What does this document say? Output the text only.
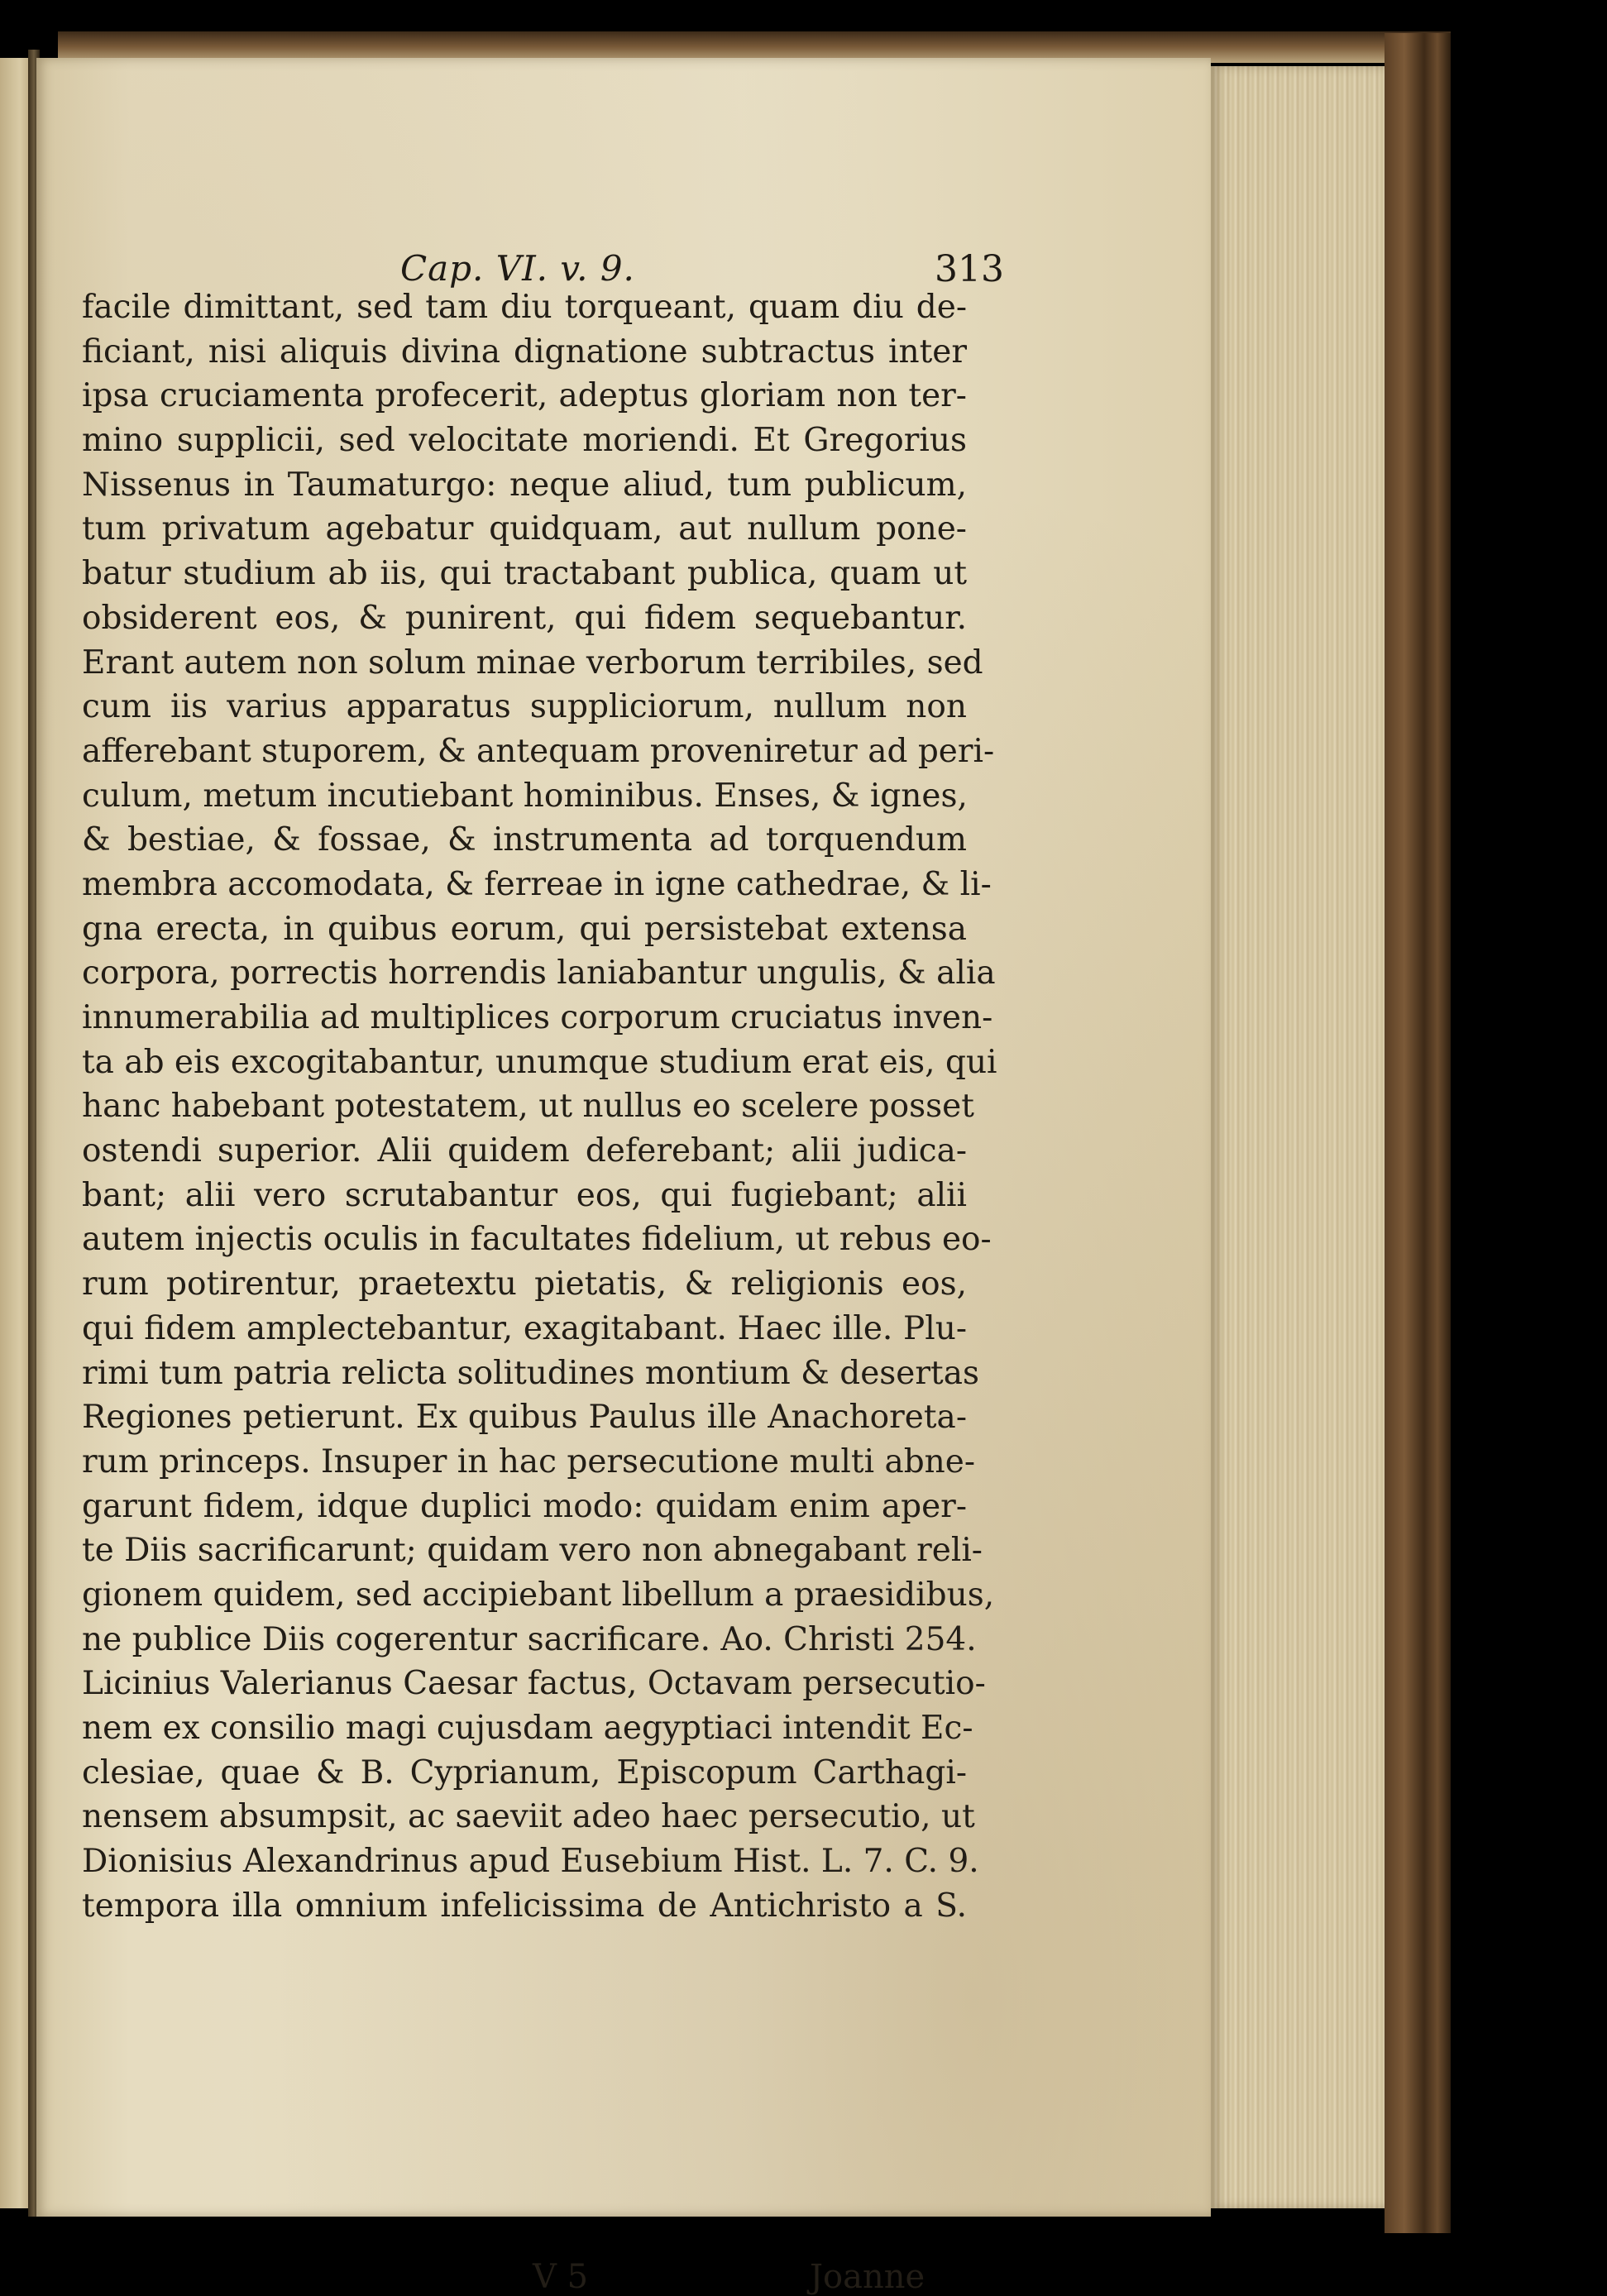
Cap. VI. v. 9.	313
facile dimittant, sed tam diu torqueant, quam diu de-
ficiant, nisi aliquis divina dignatione subtractus inter
ipsa cruciamenta profecerit, adeptus gloriam non ter-
mino supplicii, sed velocitate moriendi. Et Gregorius
Nissenus in Taumaturgo: neque aliud, tum publicum,
tum privatum agebatur quidquam, aut nullum pone-
batur studium ab iis, qui tractabant publica, quam ut
obsiderent eos, & punirent, qui fidem sequebantur.
Erant autem non solum minae verborum terribiles, sed
cum iis varius apparatus suppliciorum, nullum non
afferebant stuporem, & antequam proveniretur ad peri-
culum, metum incutiebant hominibus. Enses, & ignes,
& bestiae, & fossae, & instrumenta ad torquendum
membra accomodata, & ferreae in igne cathedrae, & li-
gna erecta, in quibus eorum, qui persistebat extensa
corpora, porrectis horrendis laniabantur ungulis, & alia
innumerabilia ad multiplices corporum cruciatus inven-
ta ab eis excogitabantur, unumque studium erat eis, qui
hanc habebant potestatem, ut nullus eo scelere posset
ostendi superior. Alii quidem deferebant; alii judica-
bant; alii vero scrutabantur eos, qui fugiebant; alii
autem injectis oculis in facultates fidelium, ut rebus eo-
rum potirentur, praetextu pietatis, & religionis eos,
qui fidem amplectebantur, exagitabant. Haec ille. Plu-
rimi tum patria relicta solitudines montium & desertas
Regiones petierunt. Ex quibus Paulus ille Anachoreta-
rum princeps. Insuper in hac persecutione multi abne-
garunt fidem, idque duplici modo: quidam enim aper-
te Diis sacrificarunt; quidam vero non abnegabant reli-
gionem quidem, sed accipiebant libellum a praesidibus,
ne publice Diis cogerentur sacrificare. Ao. Christi 254.
Licinius Valerianus Caesar factus, Octavam persecutio-
nem ex consilio magi cujusdam aegyptiaci intendit Ec-
clesiae, quae & B. Cyprianum, Episcopum Carthagi-
nensem absumpsit, ac saeviit adeo haec persecutio, ut
Dionisius Alexandrinus apud Eusebium Hist. L. 7. C. 9.
tempora illa omnium infelicissima de Antichristo a S.
V 5	Joanne
